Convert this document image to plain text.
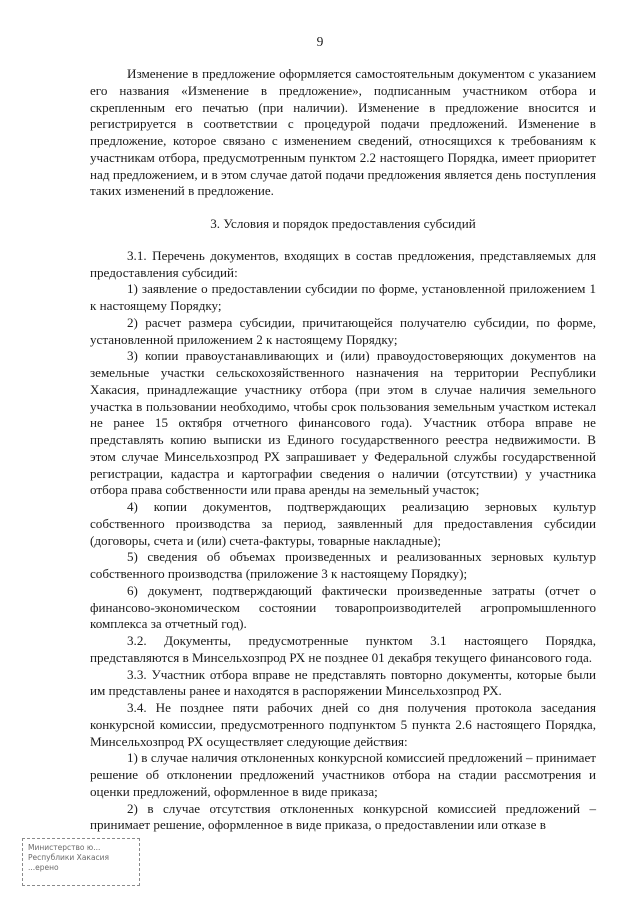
9

Изменение в предложение оформляется самостоятельным документом с указанием его названия «Изменение в предложение», подписанным участником отбора и скрепленным его печатью (при наличии). Изменение в предложение вносится и регистрируется в соответствии с процедурой подачи предложений. Изменение в предложение, которое связано с изменением сведений, относящихся к требованиям к участникам отбора, предусмотренным пунктом 2.2 настоящего Порядка, имеет приоритет над предложением, и в этом случае датой подачи предложения является день поступления таких изменений в предложение.

3. Условия и порядок предоставления субсидий

3.1. Перечень документов, входящих в состав предложения, представляемых для предоставления субсидий:

1) заявление о предоставлении субсидии по форме, установленной приложением 1 к настоящему Порядку;

2) расчет размера субсидии, причитающейся получателю субсидии, по форме, установленной приложением 2 к настоящему Порядку;

3) копии правоустанавливающих и (или) правоудостоверяющих документов на земельные участки сельскохозяйственного назначения на территории Республики Хакасия, принадлежащие участнику отбора (при этом в случае наличия земельного участка в пользовании необходимо, чтобы срок пользования земельным участком истекал не ранее 15 октября отчетного финансового года). Участник отбора вправе не представлять копию выписки из Единого государственного реестра недвижимости. В этом случае Минсельхозпрод РХ запрашивает у Федеральной службы государственной регистрации, кадастра и картографии сведения о наличии (отсутствии) у участника отбора права собственности или права аренды на земельный участок;

4) копии документов, подтверждающих реализацию зерновых культур собственного производства за период, заявленный для предоставления субсидии (договоры, счета и (или) счета-фактуры, товарные накладные);

5) сведения об объемах произведенных и реализованных зерновых культур собственного производства (приложение 3 к настоящему Порядку);

6) документ, подтверждающий фактически произведенные затраты (отчет о финансово-экономическом состоянии товаропроизводителей агропромышленного комплекса за отчетный год).

3.2. Документы, предусмотренные пунктом 3.1 настоящего Порядка, представляются в Минсельхозпрод РХ не позднее 01 декабря текущего финансового года.

3.3. Участник отбора вправе не представлять повторно документы, которые были им представлены ранее и находятся в распоряжении Минсельхозпрод РХ.

3.4. Не позднее пяти рабочих дней со дня получения протокола заседания конкурсной комиссии, предусмотренного подпунктом 5 пункта 2.6 настоящего Порядка, Минсельхозпрод РХ осуществляет следующие действия:

1) в случае наличия отклоненных конкурсной комиссией предложений – принимает решение об отклонении предложений участников отбора на стадии рассмотрения и оценки предложений, оформленное в виде приказа;

2) в случае отсутствия отклоненных конкурсной комиссией предложений – принимает решение, оформленное в виде приказа, о предоставлении или отказе в

Министерство ю...
Республики Хакасия
...ерено
